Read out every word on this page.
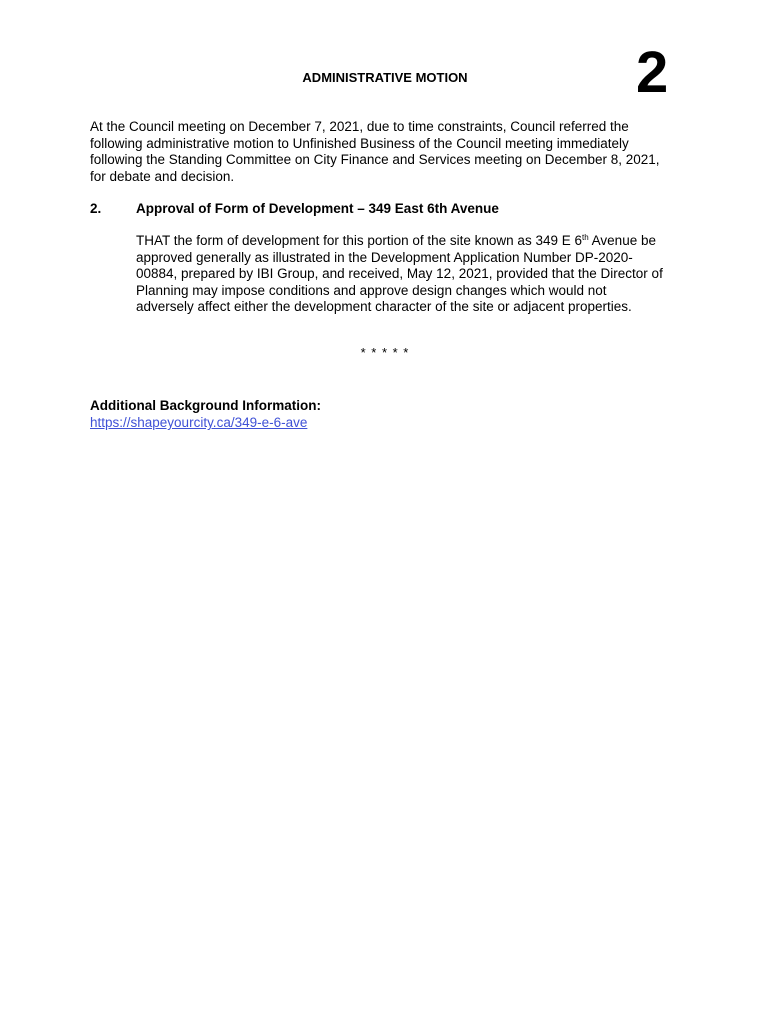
2
ADMINISTRATIVE MOTION
At the Council meeting on December 7, 2021, due to time constraints, Council referred the
following administrative motion to Unfinished Business of the Council meeting immediately
following the Standing Committee on City Finance and Services meeting on December 8, 2021,
for debate and decision.
2.	Approval of Form of Development – 349 East 6th Avenue
THAT the form of development for this portion of the site known as 349 E 6th Avenue be
approved generally as illustrated in the Development Application Number DP-2020-
00884, prepared by IBI Group, and received, May 12, 2021, provided that the Director of
Planning may impose conditions and approve design changes which would not
adversely affect either the development character of the site or adjacent properties.
* * * * *
Additional Background Information:
https://shapeyourcity.ca/349-e-6-ave
